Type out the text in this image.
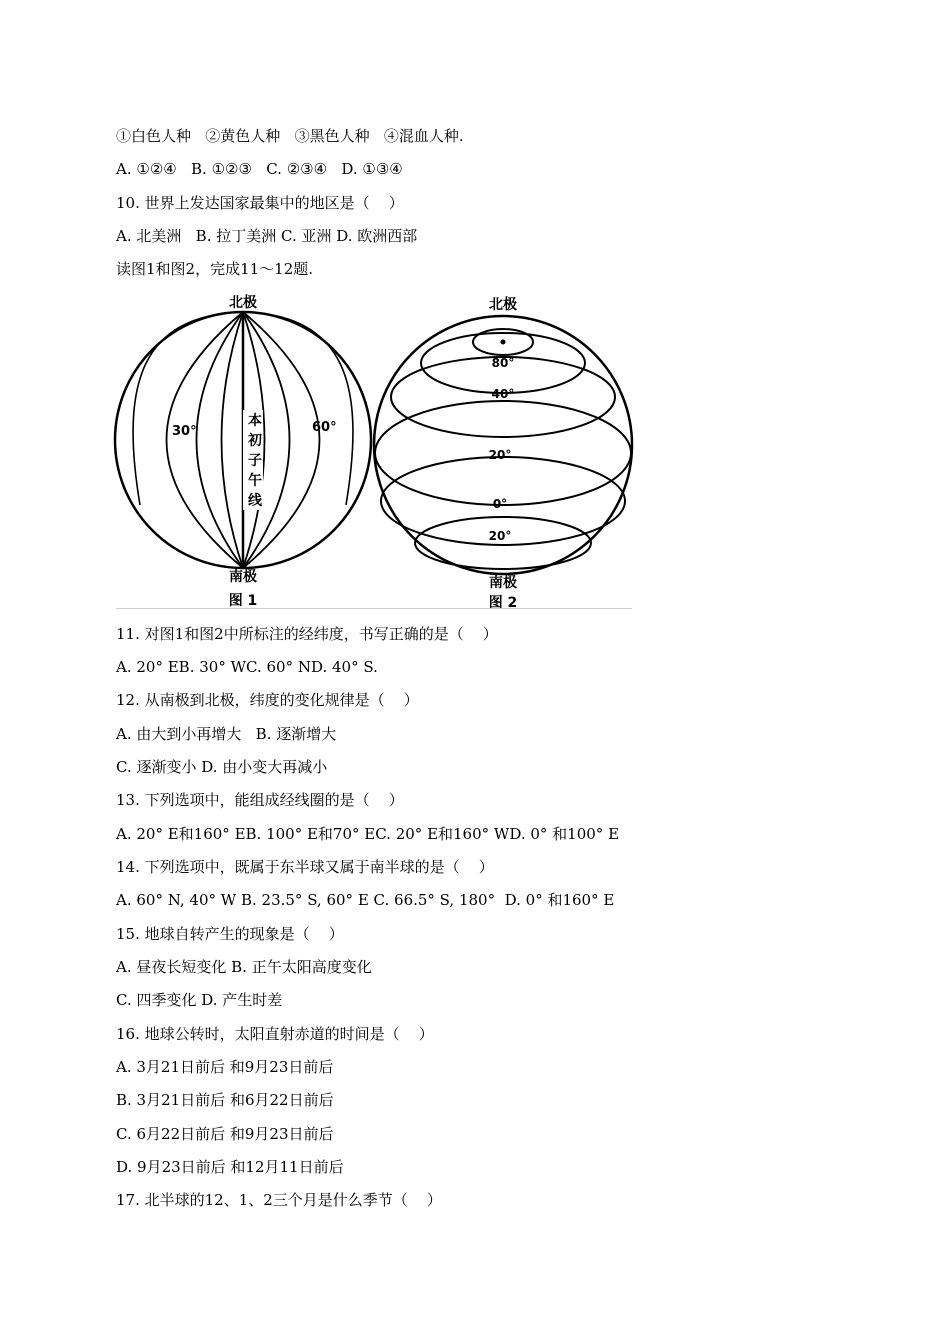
①白色人种   ②黄色人种   ③黑色人种   ④混血人种.
A. ①②④   B. ①②③   C. ②③④   D. ①③④
10. 世界上发达国家最集中的地区是（    ）
A. 北美洲   B. 拉丁美洲 C. 亚洲 D. 欧洲西部
读图1和图2，完成11～12题.
北极
30°	60°
本
初
子
午
线
南极
图 1
北极
80°
40°
20°
0°
20°
南极
图 2
11. 对图1和图2中所标注的经纬度，书写正确的是（    ）
A. 20° EB. 30° WC. 60° ND. 40° S.
12. 从南极到北极，纬度的变化规律是（    ）
A. 由大到小再增大   B. 逐渐增大
C. 逐渐变小 D. 由小变大再减小
13. 下列选项中，能组成经线圈的是（    ）
A. 20° E和160° EB. 100° E和70° EC. 20° E和160° WD. 0° 和100° E
14. 下列选项中，既属于东半球又属于南半球的是（    ）
A. 60° N, 40° W B. 23.5° S, 60° E C. 66.5° S, 180°  D. 0° 和160° E
15. 地球自转产生的现象是（    ）
A. 昼夜长短变化 B. 正午太阳高度变化
C. 四季变化 D. 产生时差
16. 地球公转时，太阳直射赤道的时间是（    ）
A. 3月21日前后 和9月23日前后
B. 3月21日前后 和6月22日前后
C. 6月22日前后 和9月23日前后
D. 9月23日前后 和12月11日前后
17. 北半球的12、1、2三个月是什么季节（    ）
